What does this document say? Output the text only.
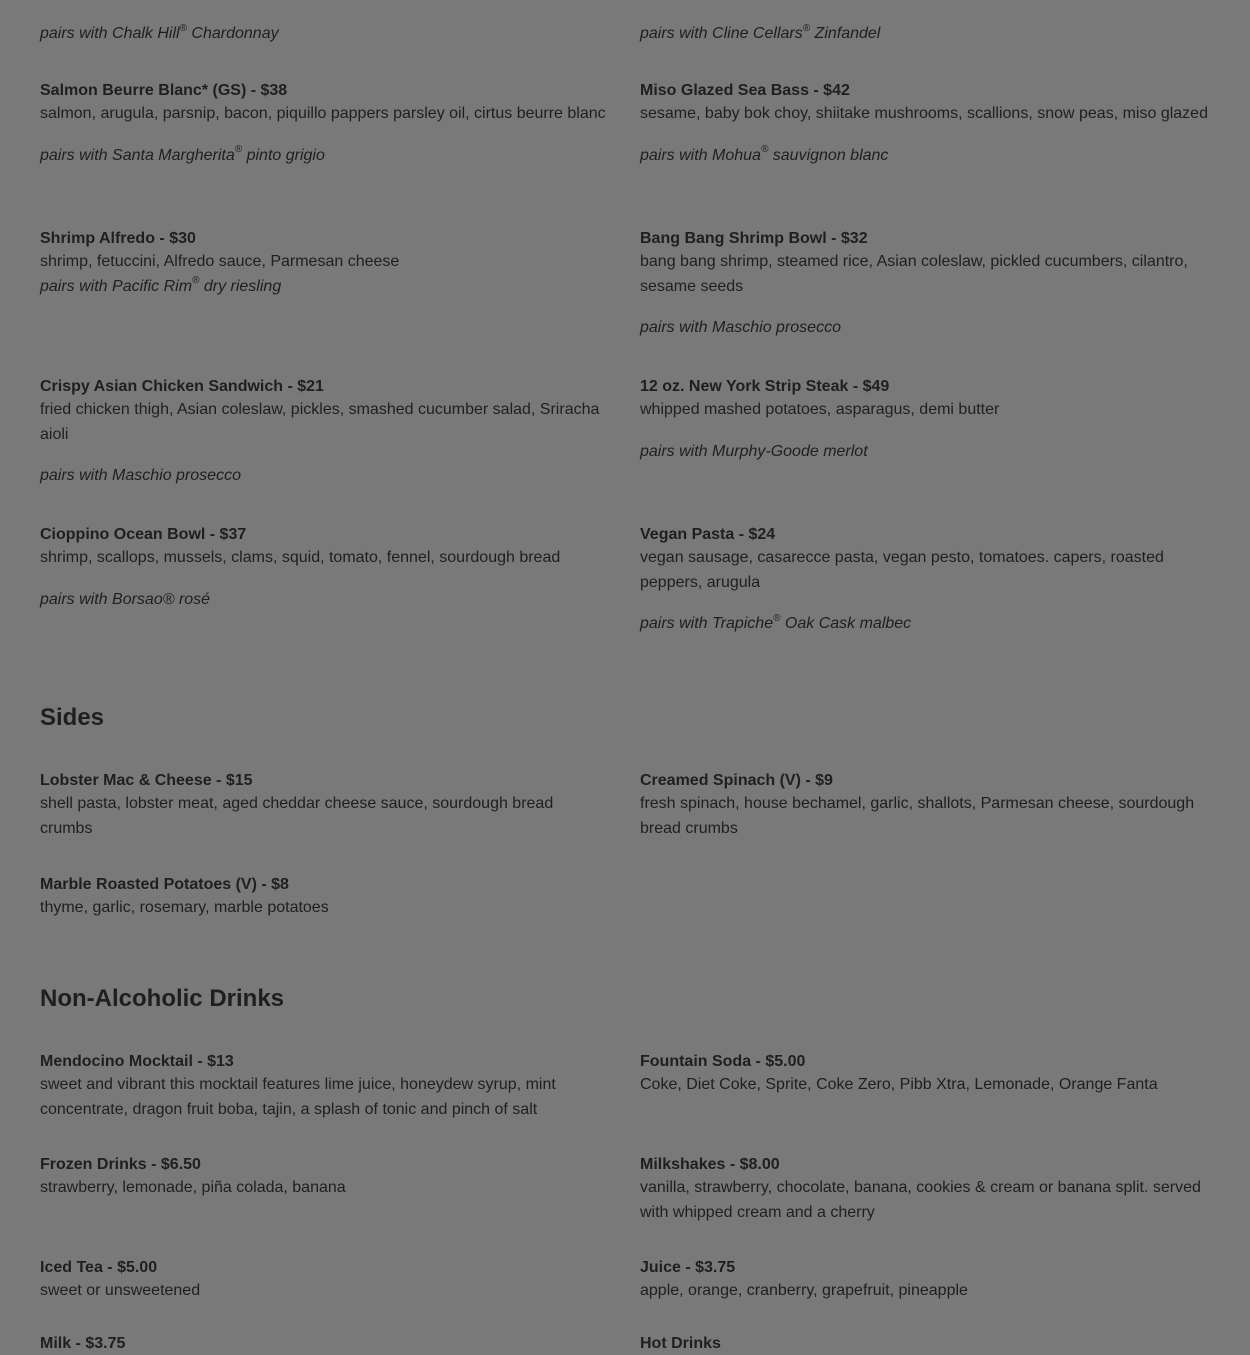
pairs with Chalk Hill® Chardonnay	pairs with Cline Cellars® Zinfandel

Salmon Beurre Blanc* (GS) - $38

salmon, arugula, parsnip, bacon, piquillo pappers parsley oil, cirtus beurre blanc

pairs with Santa Margherita® pinto grigio

Miso Glazed Sea Bass - $42

sesame, baby bok choy, shiitake mushrooms, scallions, snow peas, miso glazed

pairs with Mohua® sauvignon blanc

Shrimp Alfredo - $30

shrimp, fetuccini, Alfredo sauce, Parmesan cheese

pairs with Pacific Rim® dry riesling

Bang Bang Shrimp Bowl - $32

bang bang shrimp, steamed rice, Asian coleslaw, pickled cucumbers, cilantro, sesame seeds

pairs with Maschio prosecco

Crispy Asian Chicken Sandwich - $21

fried chicken thigh, Asian coleslaw, pickles, smashed cucumber salad, Sriracha aioli

pairs with Maschio prosecco

12 oz. New York Strip Steak - $49

whipped mashed potatoes, asparagus, demi butter

pairs with Murphy-Goode merlot

Cioppino Ocean Bowl - $37

shrimp, scallops, mussels, clams, squid, tomato, fennel, sourdough bread

pairs with Borsao® rosé

Vegan Pasta - $24

vegan sausage, casarecce pasta, vegan pesto, tomatoes. capers, roasted peppers, arugula

pairs with Trapiche® Oak Cask malbec

Sides

Lobster Mac & Cheese - $15

shell pasta, lobster meat, aged cheddar cheese sauce, sourdough bread crumbs

Creamed Spinach (V) - $9

fresh spinach, house bechamel, garlic, shallots, Parmesan cheese, sourdough bread crumbs

Marble Roasted Potatoes (V) - $8

thyme, garlic, rosemary, marble potatoes

Non-Alcoholic Drinks

Mendocino Mocktail - $13

sweet and vibrant this mocktail features lime juice, honeydew syrup, mint concentrate, dragon fruit boba, tajin, a splash of tonic and pinch of salt

Fountain Soda - $5.00

Coke, Diet Coke, Sprite, Coke Zero, Pibb Xtra, Lemonade, Orange Fanta

Frozen Drinks - $6.50

strawberry, lemonade, piña colada, banana

Milkshakes - $8.00

vanilla, strawberry, chocolate, banana, cookies & cream or banana split. served with whipped cream and a cherry

Iced Tea - $5.00

sweet or unsweetened

Juice - $3.75

apple, orange, cranberry, grapefruit, pineapple

Milk - $3.75	Hot Drinks
